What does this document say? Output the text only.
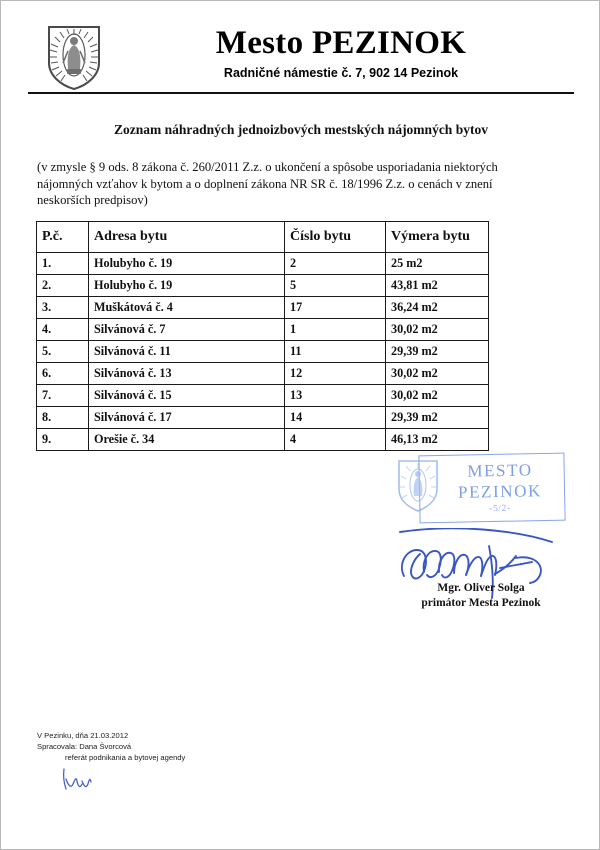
Mesto PEZINOK
Radničné námestie č. 7, 902 14 Pezinok
Zoznam náhradných jednoizbových mestských nájomných bytov
(v zmysle § 9 ods. 8 zákona č. 260/2011 Z.z. o ukončení a spôsobe usporiadania niektorých nájomných vzťahov k bytom a o doplnení zákona NR SR č. 18/1996 Z.z. o cenách v znení neskorších predpisov)
P.č.	Adresa bytu	Číslo bytu	Výmera bytu
1.	Holubyho č. 19	2	25 m2
2.	Holubyho č. 19	5	43,81 m2
3.	Muškátová č. 4	17	36,24 m2
4.	Silvánová č. 7	1	30,02 m2
5.	Silvánová č. 11	11	29,39 m2
6.	Silvánová č. 13	12	30,02 m2
7.	Silvánová č. 15	13	30,02 m2
8.	Silvánová č. 17	14	29,39 m2
9.	Orešie č. 34	4	46,13 m2
MESTO
PEZINOK
-5/2-
Mgr. Oliver Solga
primátor Mesta Pezinok
V Pezinku, dňa 21.03.2012
Spracovala: Dana Švorcová
referát podnikania a bytovej agendy
